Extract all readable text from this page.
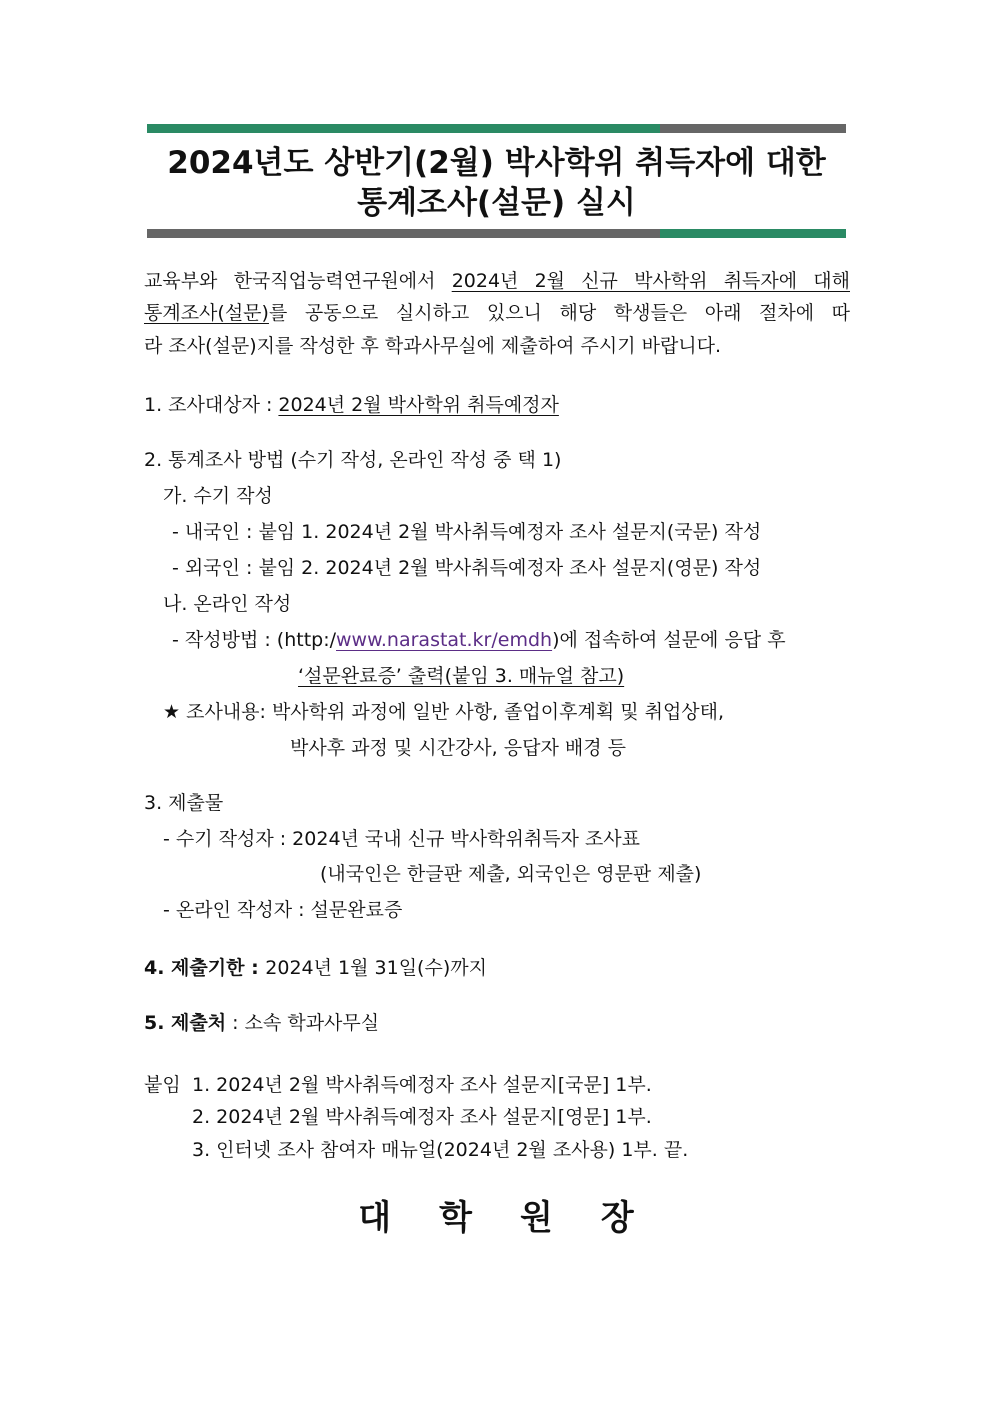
2024년도 상반기(2월) 박사학위 취득자에 대한
통계조사(설문) 실시
교육부와 한국직업능력연구원에서 2024년 2월 신규 박사학위 취득자에 대해
통계조사(설문)를 공동으로 실시하고 있으니 해당 학생들은 아래 절차에 따
라 조사(설문)지를 작성한 후 학과사무실에 제출하여 주시기 바랍니다.
1. 조사대상자 : 2024년 2월 박사학위 취득예정자
2. 통계조사 방법 (수기 작성, 온라인 작성 중 택 1)
가. 수기 작성
- 내국인 : 붙임 1. 2024년 2월 박사취득예정자 조사 설문지(국문) 작성
- 외국인 : 붙임 2. 2024년 2월 박사취득예정자 조사 설문지(영문) 작성
나. 온라인 작성
- 작성방법 : (http:/www.narastat.kr/emdh)에 접속하여 설문에 응답 후
‘설문완료증’ 출력(붙임 3. 매뉴얼 참고)
★ 조사내용: 박사학위 과정에 일반 사항, 졸업이후계획 및 취업상태,
박사후 과정 및 시간강사, 응답자 배경 등
3. 제출물
- 수기 작성자 : 2024년 국내 신규 박사학위취득자 조사표
(내국인은 한글판 제출, 외국인은 영문판 제출)
- 온라인 작성자 : 설문완료증
4. 제출기한 : 2024년 1월 31일(수)까지
5. 제출처 : 소속 학과사무실
붙임 1. 2024년 2월 박사취득예정자 조사 설문지[국문] 1부.
2. 2024년 2월 박사취득예정자 조사 설문지[영문] 1부.
3. 인터넷 조사 참여자 매뉴얼(2024년 2월 조사용) 1부. 끝.
대 학 원 장
